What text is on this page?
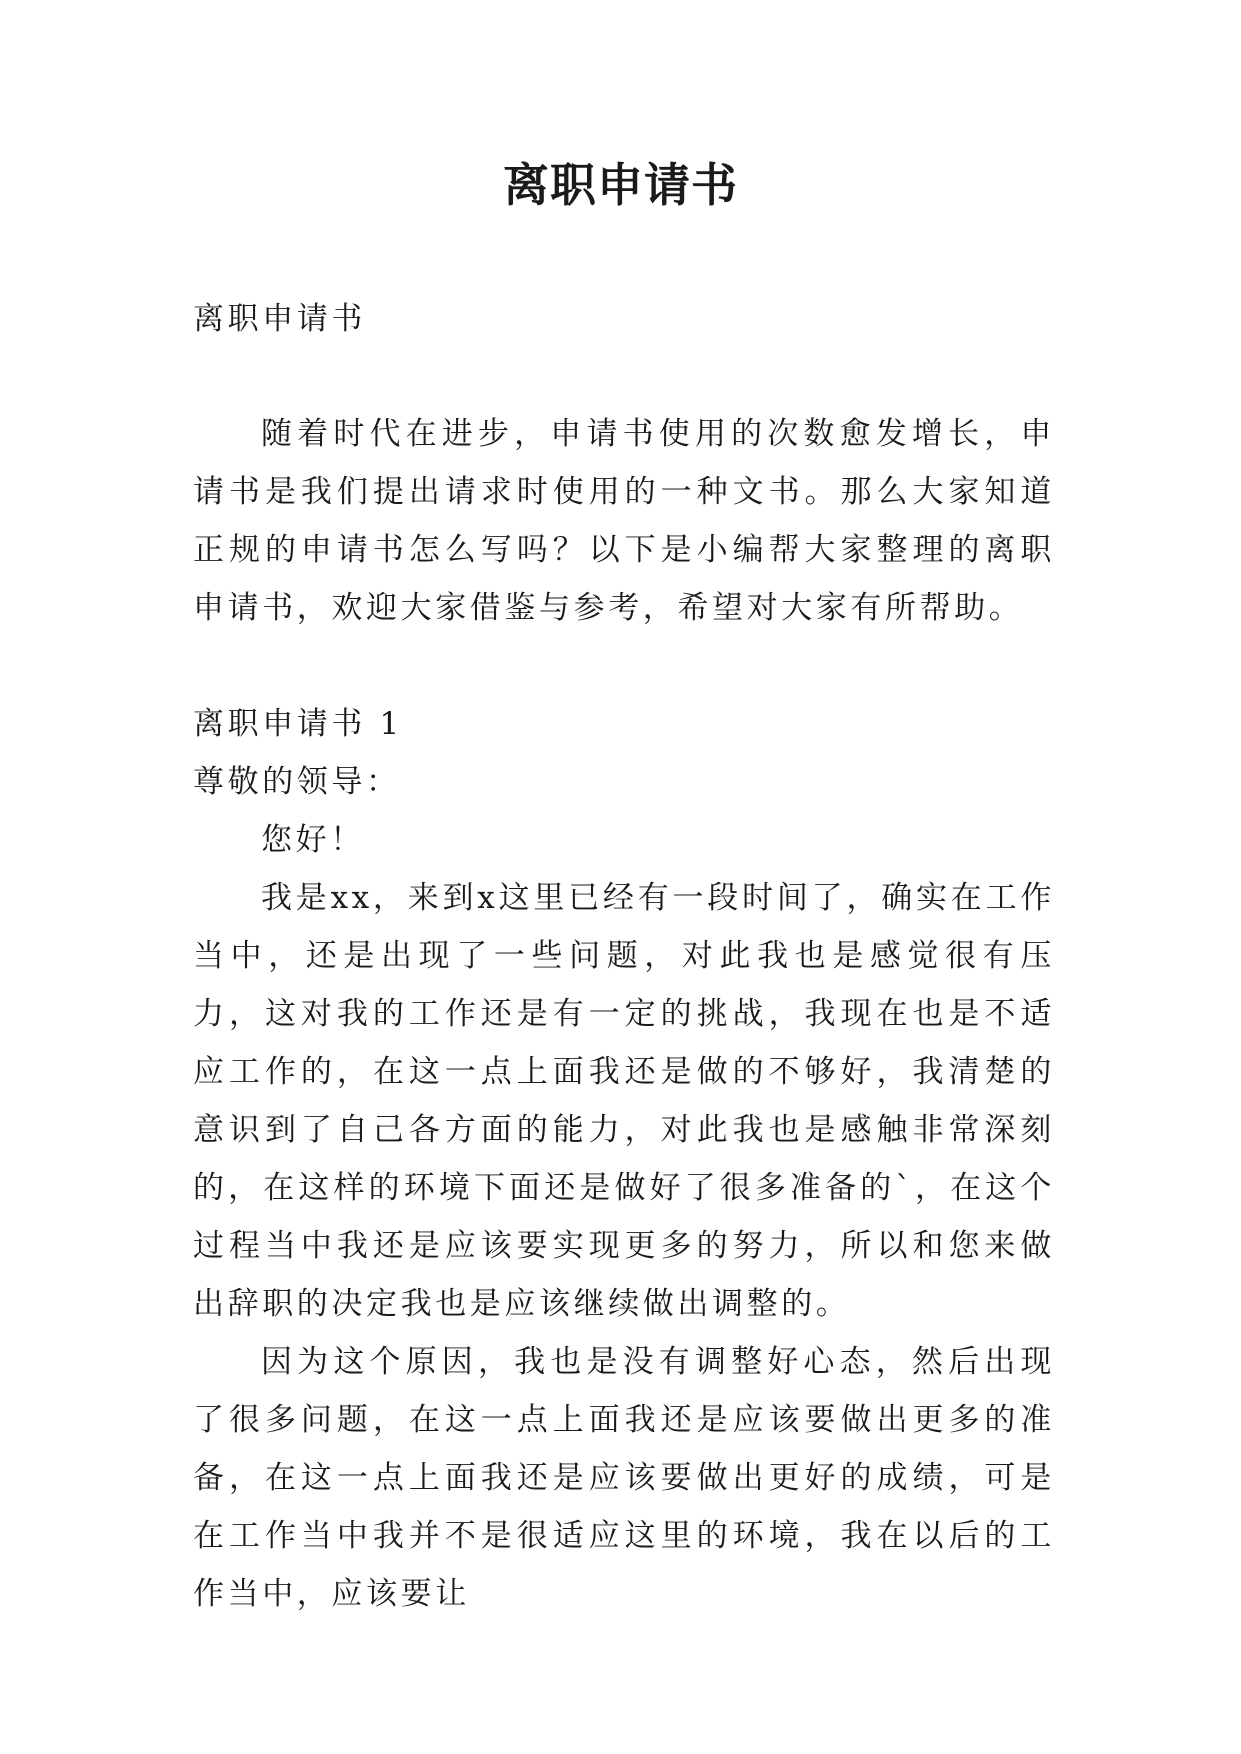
离职申请书

离职申请书

随着时代在进步，申请书使用的次数愈发增长，申请书是我们提出请求时使用的一种文书。那么大家知道正规的申请书怎么写吗？以下是小编帮大家整理的离职申请书，欢迎大家借鉴与参考，希望对大家有所帮助。

离职申请书 1

尊敬的领导：

您好！

我是xx，来到x这里已经有一段时间了，确实在工作当中，还是出现了一些问题，对此我也是感觉很有压力，这对我的工作还是有一定的挑战，我现在也是不适应工作的，在这一点上面我还是做的不够好，我清楚的意识到了自己各方面的能力，对此我也是感触非常深刻的，在这样的环境下面还是做好了很多准备的`，在这个过程当中我还是应该要实现更多的努力，所以和您来做出辞职的决定我也是应该继续做出调整的。

因为这个原因，我也是没有调整好心态，然后出现了很多问题，在这一点上面我还是应该要做出更多的准备，在这一点上面我还是应该要做出更好的成绩，可是在工作当中我并不是很适应这里的环境，我在以后的工作当中，应该要让
